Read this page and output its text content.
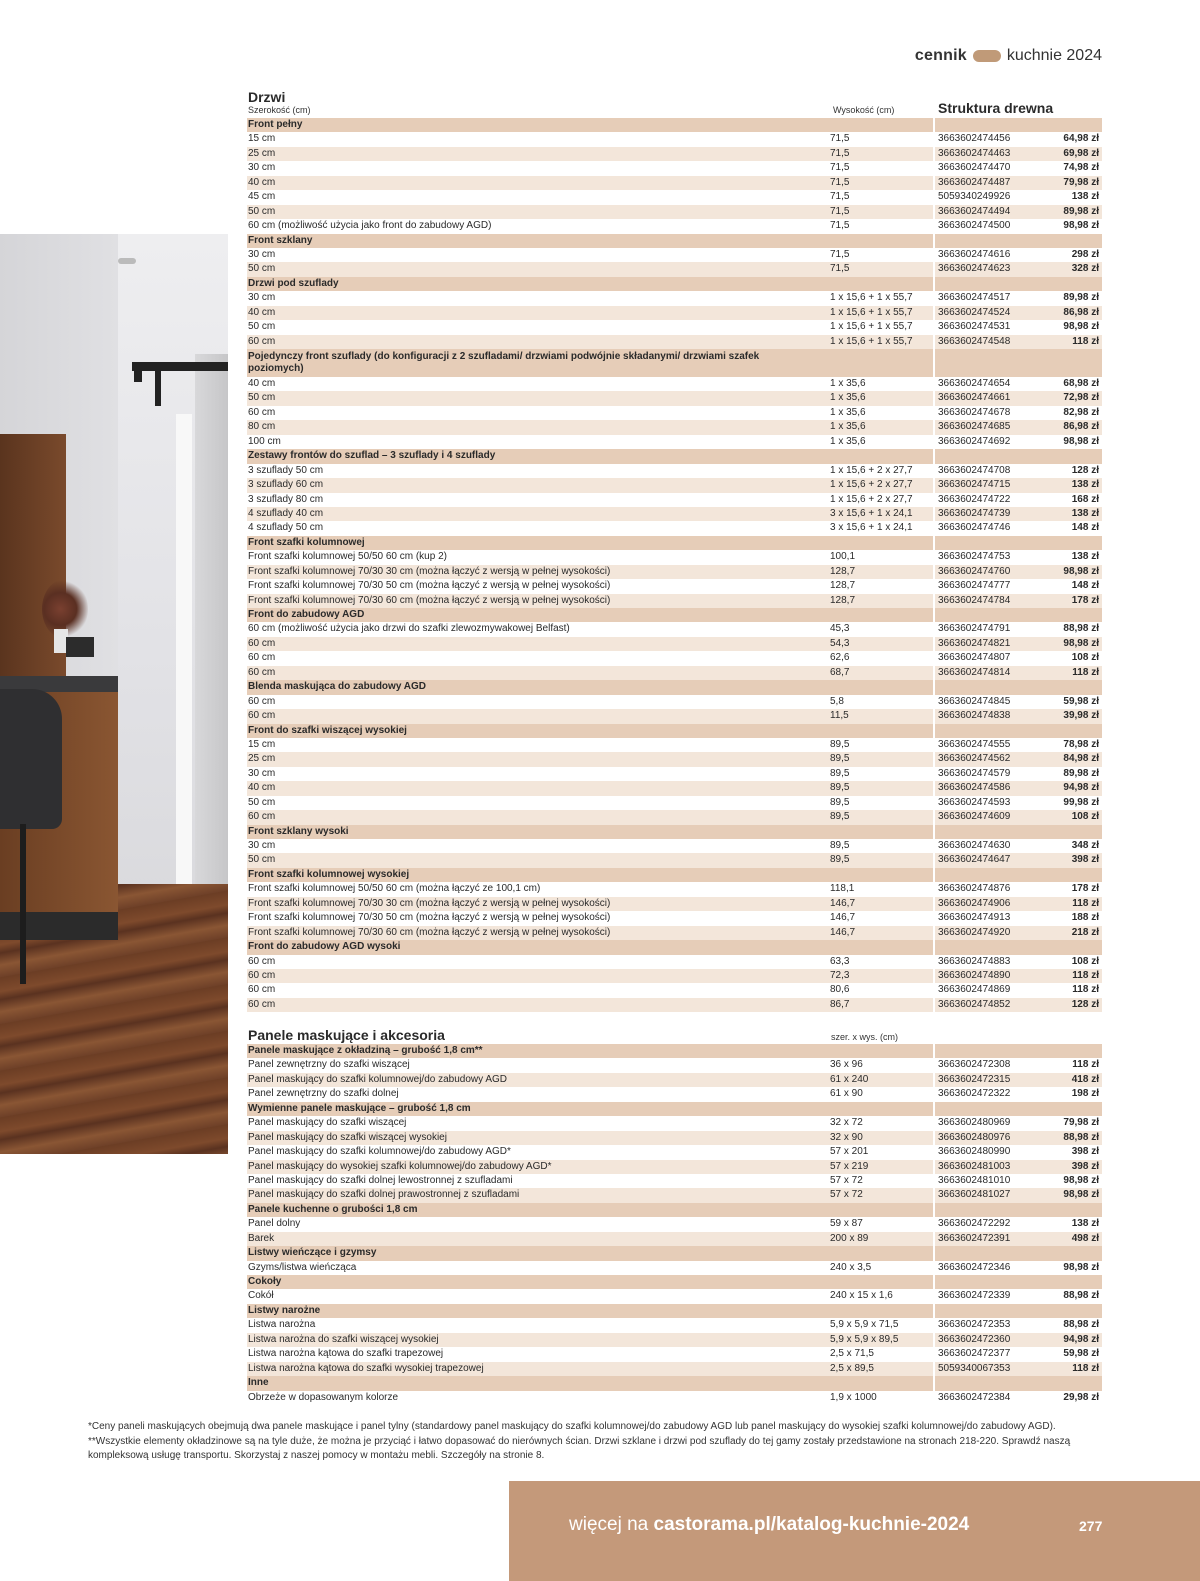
cennik	kuchnie 2024
Drzwi
Szerokość (cm)	Wysokość (cm)	Struktura drewna
Front pełny
15 cm	71,5	3663602474456	64,98 zł
25 cm	71,5	3663602474463	69,98 zł
30 cm	71,5	3663602474470	74,98 zł
40 cm	71,5	3663602474487	79,98 zł
45 cm	71,5	5059340249926	138 zł
50 cm	71,5	3663602474494	89,98 zł
60 cm (możliwość użycia jako front do zabudowy AGD)	71,5	3663602474500	98,98 zł
Front szklany
30 cm	71,5	3663602474616	298 zł
50 cm	71,5	3663602474623	328 zł
Drzwi pod szuflady
30 cm	1 x 15,6 + 1 x 55,7	3663602474517	89,98 zł
40 cm	1 x 15,6 + 1 x 55,7	3663602474524	86,98 zł
50 cm	1 x 15,6 + 1 x 55,7	3663602474531	98,98 zł
60 cm	1 x 15,6 + 1 x 55,7	3663602474548	118 zł
Pojedynczy front szuflady (do konfiguracji z 2 szufladami/ drzwiami podwójnie składanymi/ drzwiami szafek poziomych)
40 cm	1 x 35,6	3663602474654	68,98 zł
50 cm	1 x 35,6	3663602474661	72,98 zł
60 cm	1 x 35,6	3663602474678	82,98 zł
80 cm	1 x 35,6	3663602474685	86,98 zł
100 cm	1 x 35,6	3663602474692	98,98 zł
Zestawy frontów do szuflad – 3 szuflady i 4 szuflady
3 szuflady 50 cm	1 x 15,6 + 2 x 27,7	3663602474708	128 zł
3 szuflady 60 cm	1 x 15,6 + 2 x 27,7	3663602474715	138 zł
3 szuflady 80 cm	1 x 15,6 + 2 x 27,7	3663602474722	168 zł
4 szuflady 40 cm	3 x 15,6 + 1 x 24,1	3663602474739	138 zł
4 szuflady 50 cm	3 x 15,6 + 1 x 24,1	3663602474746	148 zł
Front szafki kolumnowej
Front szafki kolumnowej 50/50 60 cm (kup 2)	100,1	3663602474753	138 zł
Front szafki kolumnowej 70/30 30 cm (można łączyć z wersją w pełnej wysokości)	128,7	3663602474760	98,98 zł
Front szafki kolumnowej 70/30 50 cm (można łączyć z wersją w pełnej wysokości)	128,7	3663602474777	148 zł
Front szafki kolumnowej 70/30 60 cm (można łączyć z wersją w pełnej wysokości)	128,7	3663602474784	178 zł
Front do zabudowy AGD
60 cm (możliwość użycia jako drzwi do szafki zlewozmywakowej Belfast)	45,3	3663602474791	88,98 zł
60 cm	54,3	3663602474821	98,98 zł
60 cm	62,6	3663602474807	108 zł
60 cm	68,7	3663602474814	118 zł
Blenda maskująca do zabudowy AGD
60 cm	5,8	3663602474845	59,98 zł
60 cm	11,5	3663602474838	39,98 zł
Front do szafki wiszącej wysokiej
15 cm	89,5	3663602474555	78,98 zł
25 cm	89,5	3663602474562	84,98 zł
30 cm	89,5	3663602474579	89,98 zł
40 cm	89,5	3663602474586	94,98 zł
50 cm	89,5	3663602474593	99,98 zł
60 cm	89,5	3663602474609	108 zł
Front szklany wysoki
30 cm	89,5	3663602474630	348 zł
50 cm	89,5	3663602474647	398 zł
Front szafki kolumnowej wysokiej
Front szafki kolumnowej 50/50 60 cm (można łączyć ze 100,1 cm)	118,1	3663602474876	178 zł
Front szafki kolumnowej 70/30 30 cm (można łączyć z wersją w pełnej wysokości)	146,7	3663602474906	118 zł
Front szafki kolumnowej 70/30 50 cm (można łączyć z wersją w pełnej wysokości)	146,7	3663602474913	188 zł
Front szafki kolumnowej 70/30 60 cm (można łączyć z wersją w pełnej wysokości)	146,7	3663602474920	218 zł
Front do zabudowy AGD wysoki
60 cm	63,3	3663602474883	108 zł
60 cm	72,3	3663602474890	118 zł
60 cm	80,6	3663602474869	118 zł
60 cm	86,7	3663602474852	128 zł
Panele maskujące i akcesoria	szer. x wys. (cm)
Panele maskujące z okładziną – grubość 1,8 cm**
Panel zewnętrzny do szafki wiszącej	36 x 96	3663602472308	118 zł
Panel maskujący do szafki kolumnowej/do zabudowy AGD	61 x 240	3663602472315	418 zł
Panel zewnętrzny do szafki dolnej	61 x 90	3663602472322	198 zł
Wymienne panele maskujące – grubość 1,8 cm
Panel maskujący do szafki wiszącej	32 x 72	3663602480969	79,98 zł
Panel maskujący do szafki wiszącej wysokiej	32 x 90	3663602480976	88,98 zł
Panel maskujący do szafki kolumnowej/do zabudowy AGD*	57 x 201	3663602480990	398 zł
Panel maskujący do wysokiej szafki kolumnowej/do zabudowy AGD*	57 x 219	3663602481003	398 zł
Panel maskujący do szafki dolnej lewostronnej z szufladami	57 x 72	3663602481010	98,98 zł
Panel maskujący do szafki dolnej prawostronnej z szufladami	57 x 72	3663602481027	98,98 zł
Panele kuchenne o grubości 1,8 cm
Panel dolny	59 x 87	3663602472292	138 zł
Barek	200 x 89	3663602472391	498 zł
Listwy wieńczące i gzymsy
Gzyms/listwa wieńcząca	240 x 3,5	3663602472346	98,98 zł
Cokoły
Cokół	240 x 15 x 1,6	3663602472339	88,98 zł
Listwy narożne
Listwa narożna	5,9 x 5,9 x 71,5	3663602472353	88,98 zł
Listwa narożna do szafki wiszącej wysokiej	5,9 x 5,9 x 89,5	3663602472360	94,98 zł
Listwa narożna kątowa do szafki trapezowej	2,5 x 71,5	3663602472377	59,98 zł
Listwa narożna kątowa do szafki wysokiej trapezowej	2,5 x 89,5	5059340067353	118 zł
Inne
Obrzeże w dopasowanym kolorze	1,9 x 1000	3663602472384	29,98 zł
*Ceny paneli maskujących obejmują dwa panele maskujące i panel tylny (standardowy panel maskujący do szafki kolumnowej/do zabudowy AGD lub panel maskujący do wysokiej szafki kolumnowej/do zabudowy AGD). **Wszystkie elementy okładzinowe są na tyle duże, że można je przyciąć i łatwo dopasować do nierównych ścian. Drzwi szklane i drzwi pod szuflady do tej gamy zostały przedstawione na stronach 218-220. Sprawdź naszą kompleksową usługę transportu. Skorzystaj z naszej pomocy w montażu mebli. Szczegóły na stronie 8.
więcej na castorama.pl/katalog-kuchnie-2024	277
